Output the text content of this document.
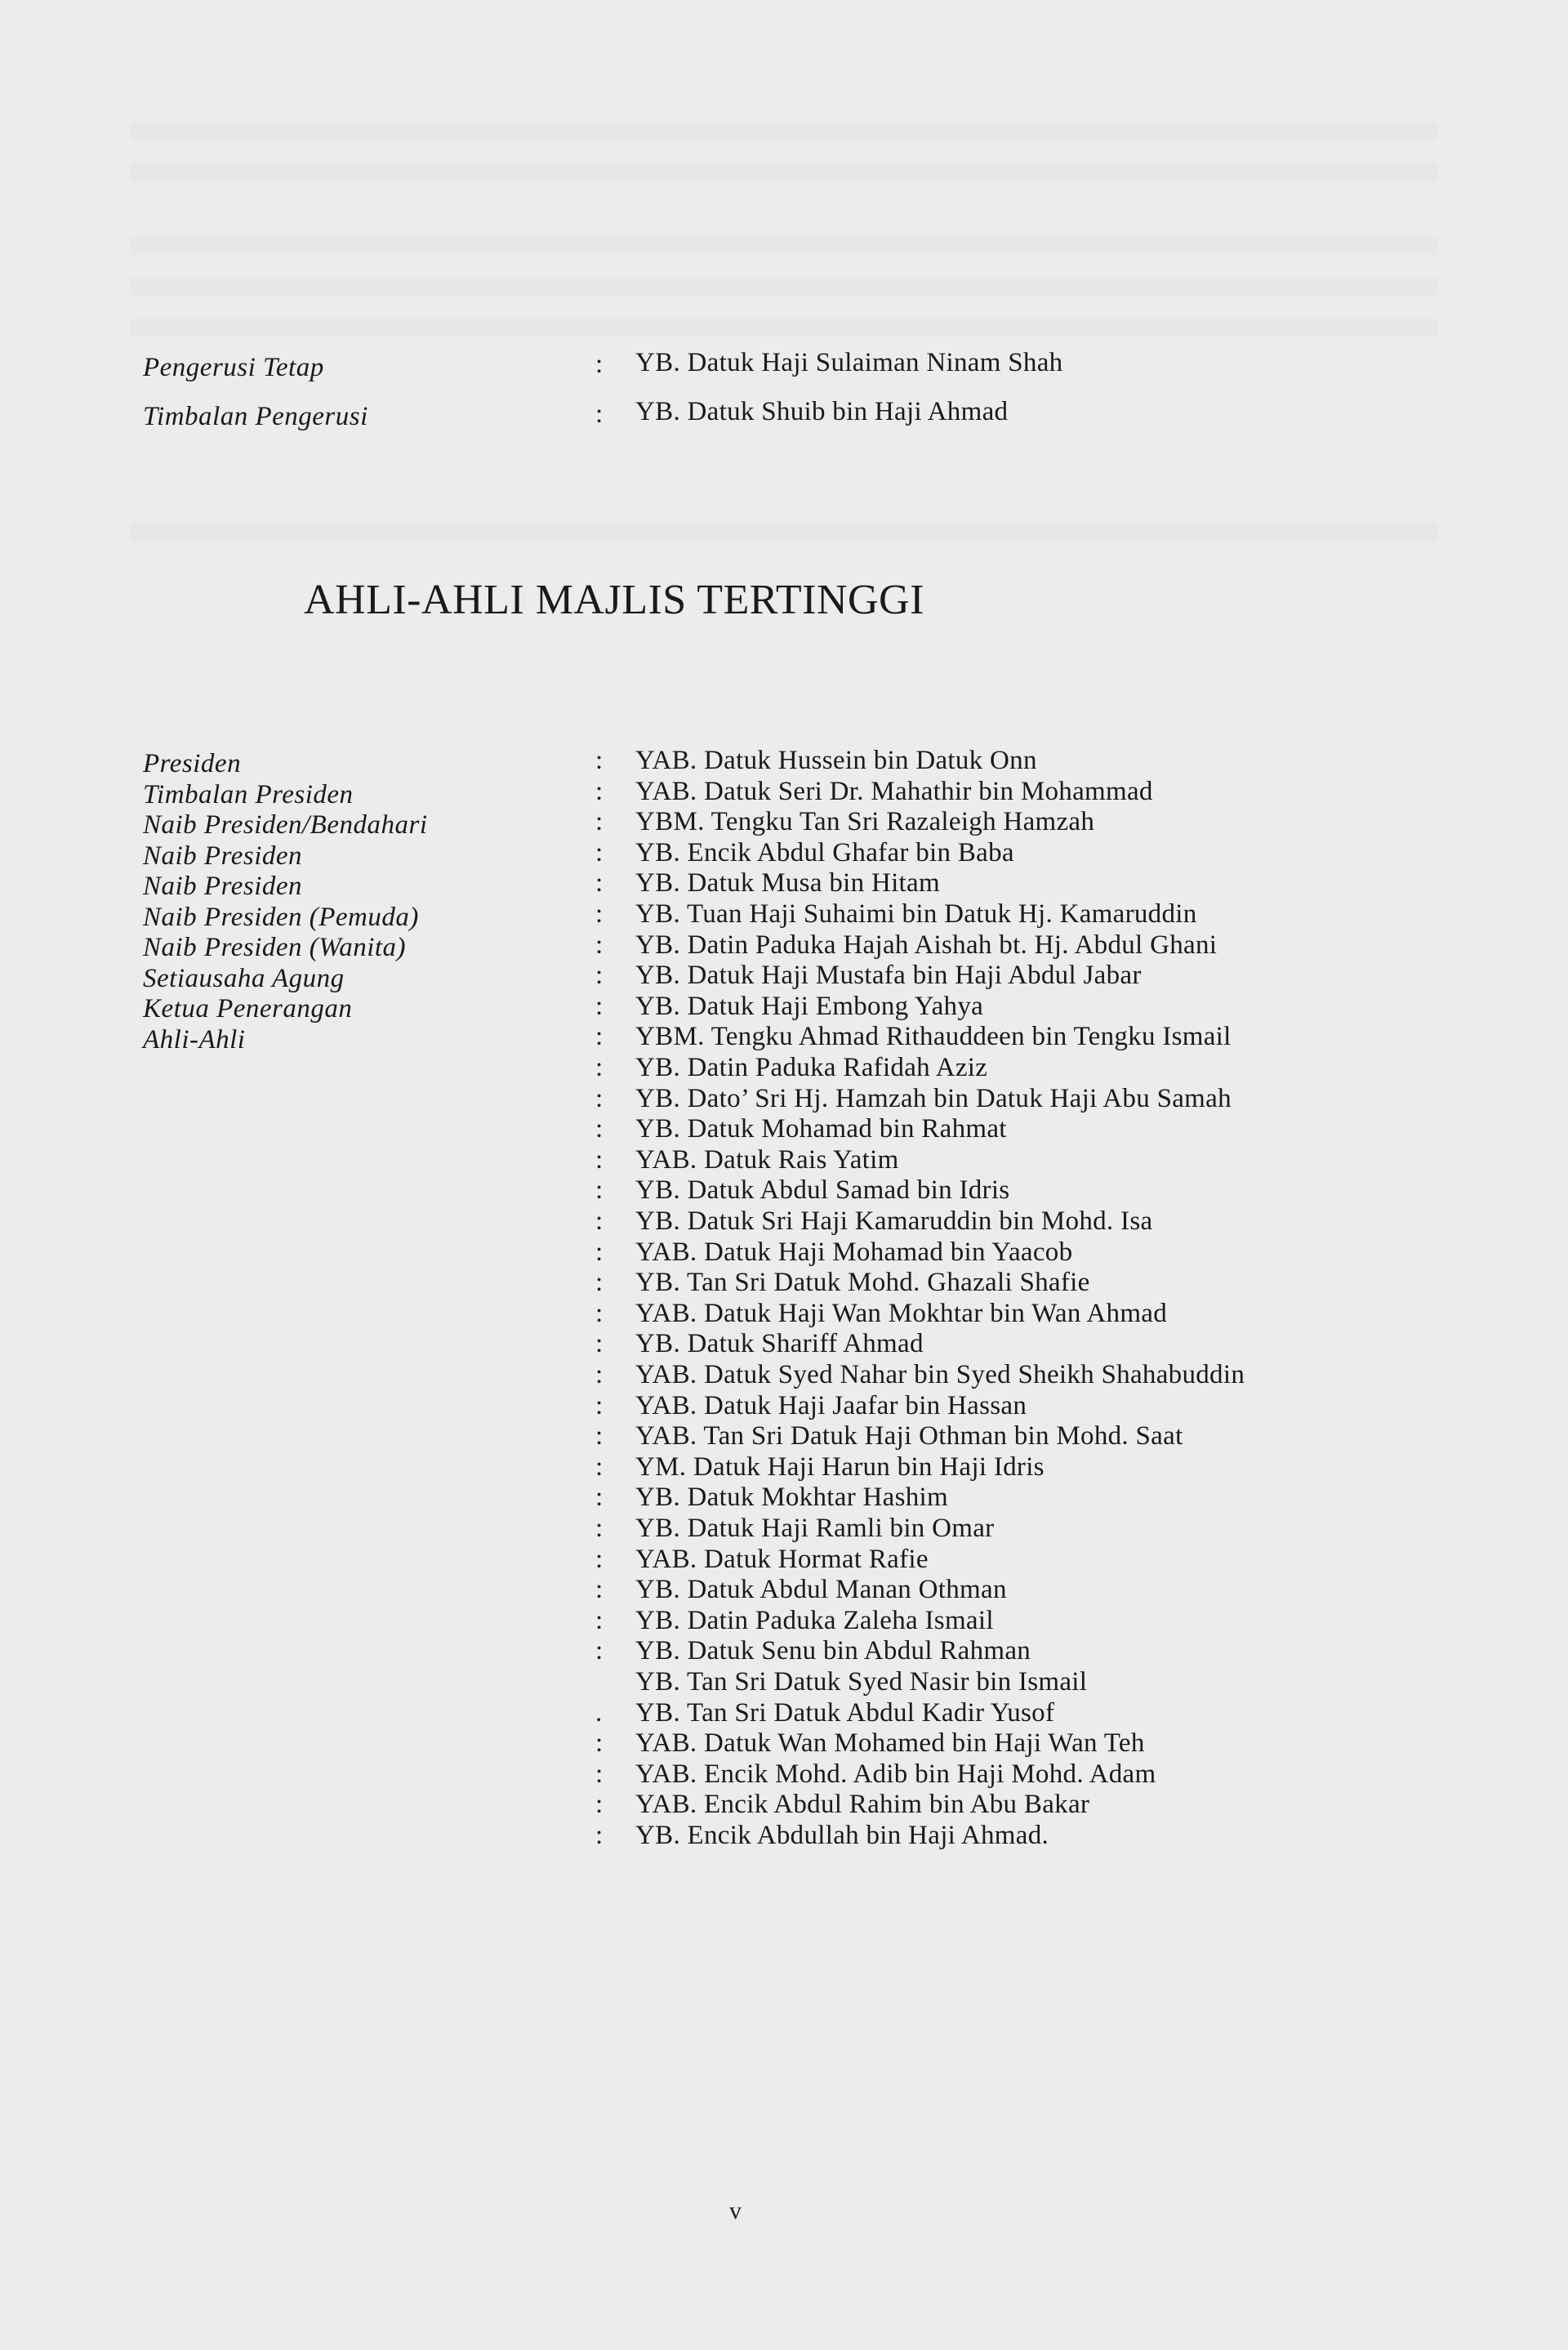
Pengerusi Tetap	: YB. Datuk Haji Sulaiman Ninam Shah
Timbalan Pengerusi	: YB. Datuk Shuib bin Haji Ahmad
AHLI-AHLI MAJLIS TERTINGGI
Presiden
Timbalan Presiden
Naib Presiden/Bendahari
Naib Presiden
Naib Presiden
Naib Presiden (Pemuda)
Naib Presiden (Wanita)
Setiausaha Agung
Ketua Penerangan
Ahli-Ahli
: YAB. Datuk Hussein bin Datuk Onn
: YAB. Datuk Seri Dr. Mahathir bin Mohammad
: YBM. Tengku Tan Sri Razaleigh Hamzah
: YB. Encik Abdul Ghafar bin Baba
: YB. Datuk Musa bin Hitam
: YB. Tuan Haji Suhaimi bin Datuk Hj. Kamaruddin
: YB. Datin Paduka Hajah Aishah bt. Hj. Abdul Ghani
: YB. Datuk Haji Mustafa bin Haji Abdul Jabar
: YB. Datuk Haji Embong Yahya
: YBM. Tengku Ahmad Rithauddeen bin Tengku Ismail
: YB. Datin Paduka Rafidah Aziz
: YB. Dato’ Sri Hj. Hamzah bin Datuk Haji Abu Samah
: YB. Datuk Mohamad bin Rahmat
: YAB. Datuk Rais Yatim
: YB. Datuk Abdul Samad bin Idris
: YB. Datuk Sri Haji Kamaruddin bin Mohd. Isa
: YAB. Datuk Haji Mohamad bin Yaacob
: YB. Tan Sri Datuk Mohd. Ghazali Shafie
: YAB. Datuk Haji Wan Mokhtar bin Wan Ahmad
: YB. Datuk Shariff Ahmad
: YAB. Datuk Syed Nahar bin Syed Sheikh Shahabuddin
: YAB. Datuk Haji Jaafar bin Hassan
: YAB. Tan Sri Datuk Haji Othman bin Mohd. Saat
: YM. Datuk Haji Harun bin Haji Idris
: YB. Datuk Mokhtar Hashim
: YB. Datuk Haji Ramli bin Omar
: YAB. Datuk Hormat Rafie
: YB. Datuk Abdul Manan Othman
: YB. Datin Paduka Zaleha Ismail
: YB. Datuk Senu bin Abdul Rahman
YB. Tan Sri Datuk Syed Nasir bin Ismail
. YB. Tan Sri Datuk Abdul Kadir Yusof
: YAB. Datuk Wan Mohamed bin Haji Wan Teh
: YAB. Encik Mohd. Adib bin Haji Mohd. Adam
: YAB. Encik Abdul Rahim bin Abu Bakar
: YB. Encik Abdullah bin Haji Ahmad.
v
